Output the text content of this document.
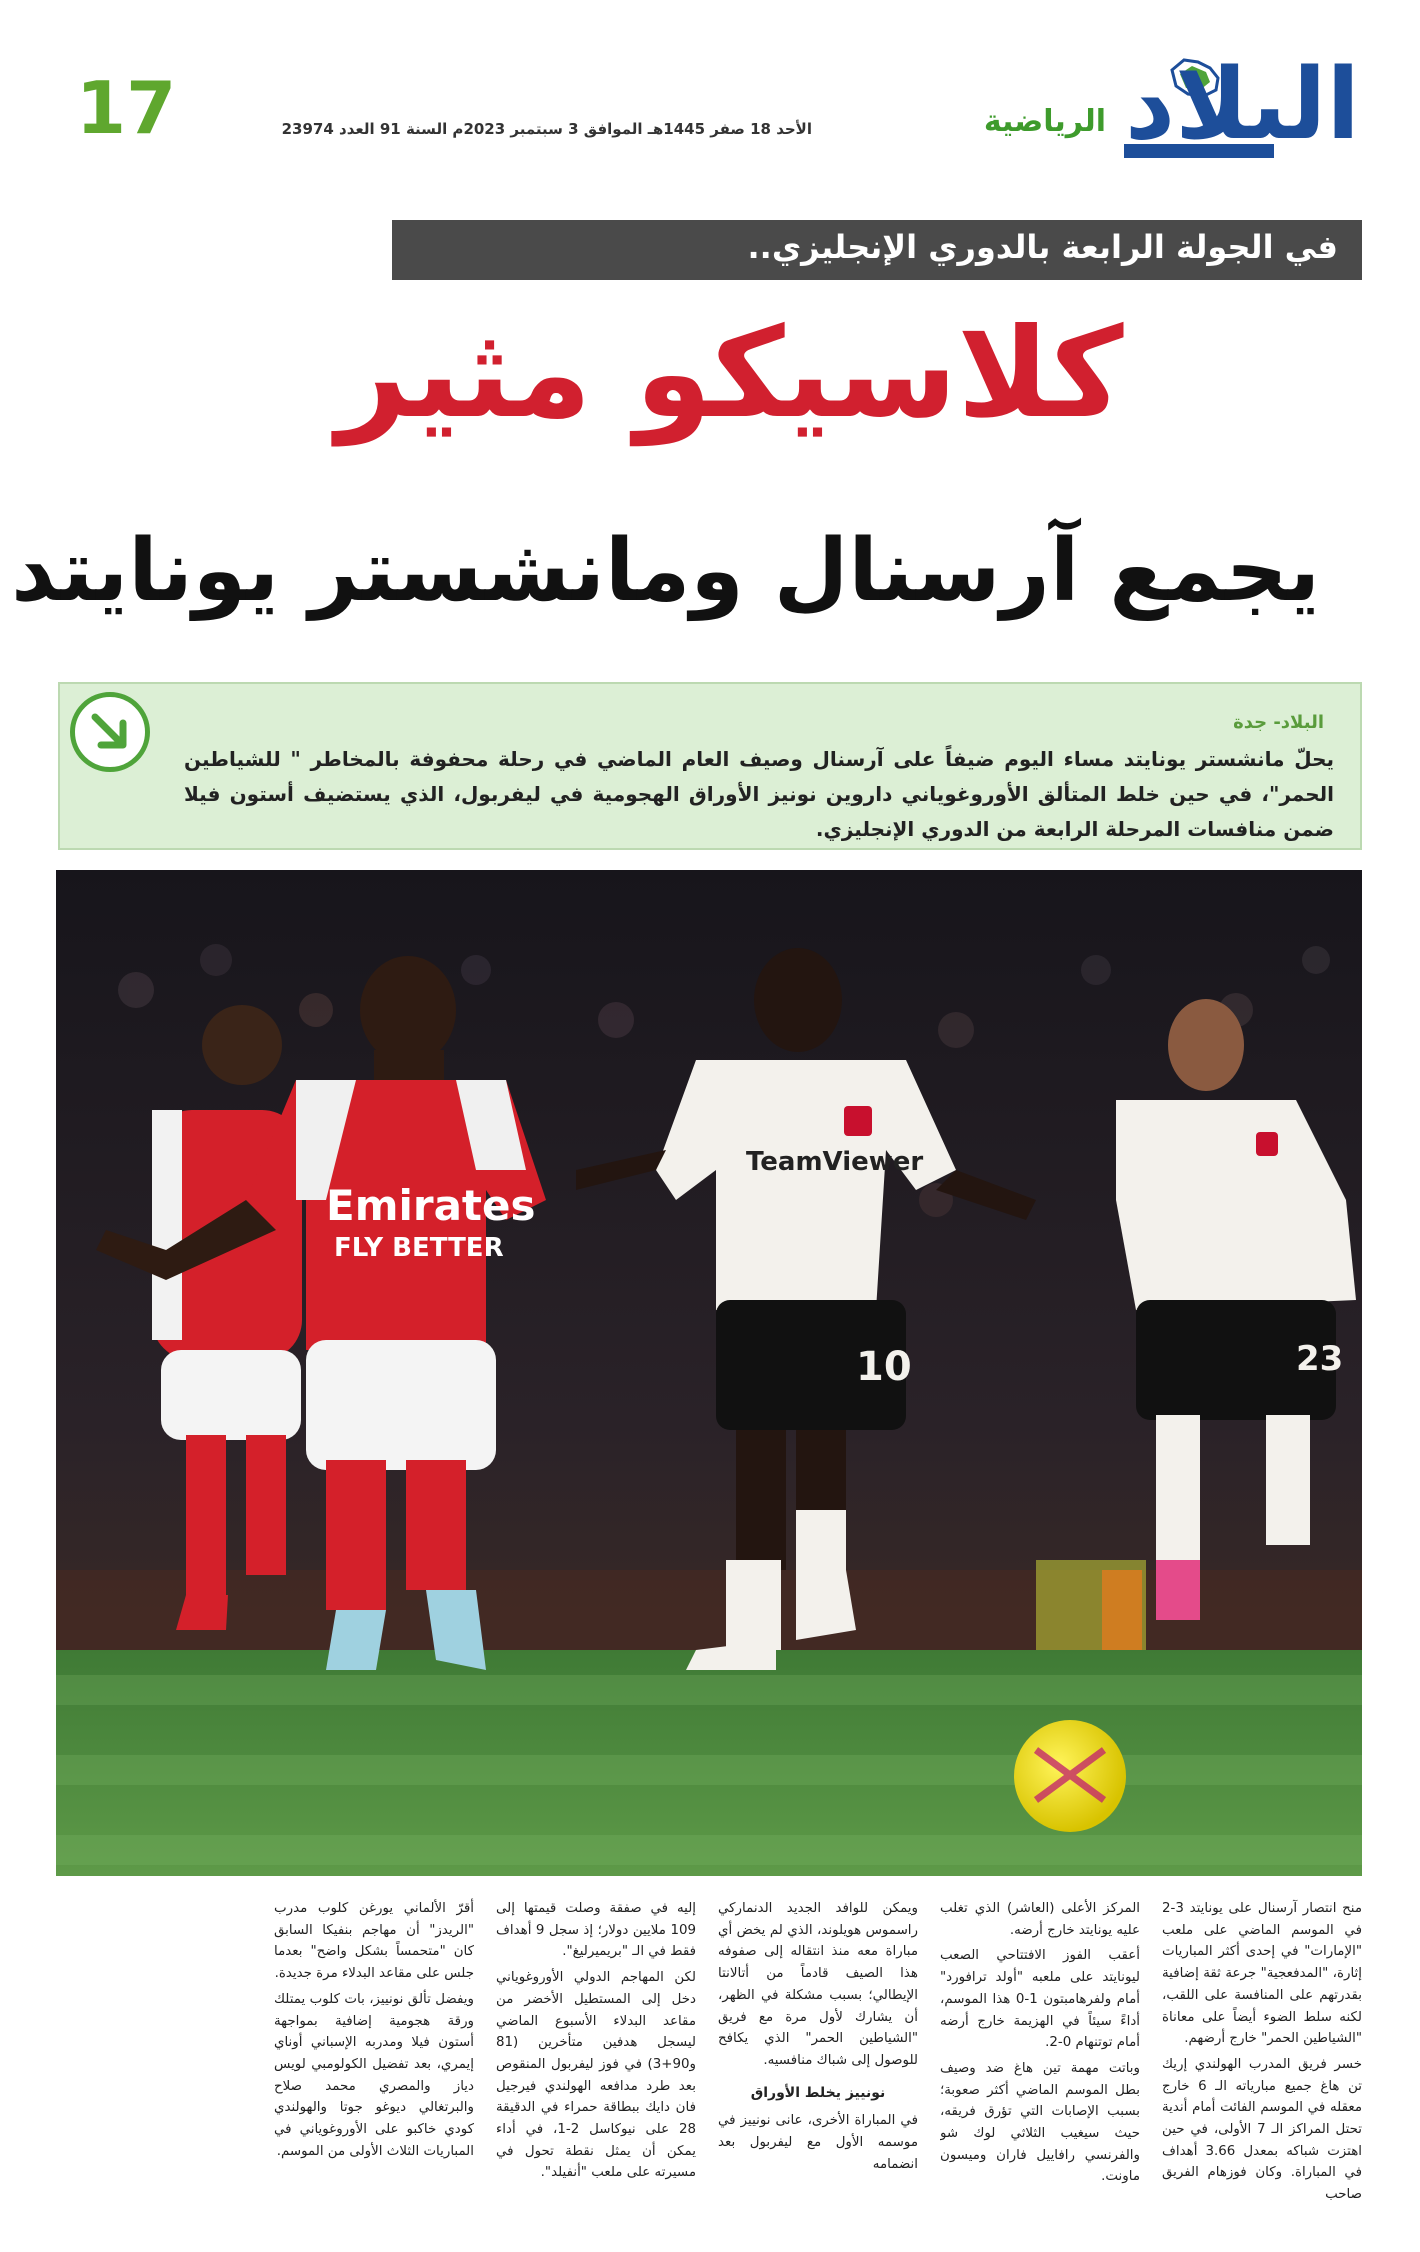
17	الأحد 18 صفر 1445هـ الموافق 3 سبتمبر 2023م السنة 91 العدد 23974	الرياضية البلاد
في الجولة الرابعة بالدوري الإنجليزي..
كلاسيكو مثير
يجمع آرسنال ومانشستر يونايتد
البلاد- جدة
يحلّ مانشستر يونايتد مساء اليوم ضيفاً على آرسنال وصيف العام الماضي في رحلة محفوفة بالمخاطر " للشياطين الحمر"، في حين خلط المتألق الأوروغوياني داروين نونيز الأوراق الهجومية في ليفربول، الذي يستضيف أستون فيلا ضمن منافسات المرحلة الرابعة من الدوري الإنجليزي.
Emirates
FLY BETTER
TeamViewer
10	23

منح انتصار آرسنال على يونايتد 3-2 في الموسم الماضي على ملعب "الإمارات" في إحدى أكثر المباريات إثارة، "المدفعجية" جرعة ثقة إضافية بقدرتهم على المنافسة على اللقب، لكنه سلط الضوء أيضاً على معاناة "الشياطين الحمر" خارج أرضهم.

خسر فريق المدرب الهولندي إريك تن هاغ جميع مبارياته الـ 6 خارج معقله في الموسم الفائت أمام أندية تحتل المراكز الـ 7 الأولى، في حين اهتزت شباكه بمعدل 3.66 أهداف في المباراة. وكان فوزهام الفريق صاحب

المركز الأعلى (العاشر) الذي تغلب عليه يونايتد خارج أرضه.

أعقب الفوز الافتتاحي الصعب ليونايتد على ملعبه "أولد ترافورد" أمام ولفرهامبتون 1-0 هذا الموسم، أداءً سيئاً في الهزيمة خارج أرضه أمام توتنهام 0-2.

وباتت مهمة تين هاغ ضد وصيف بطل الموسم الماضي أكثر صعوبة؛ بسبب الإصابات التي تؤرق فريقه، حيث سيغيب الثلاثي لوك شو والفرنسي رافاييل فاران وميسون ماونت.

ويمكن للوافد الجديد الدنماركي راسموس هويلوند، الذي لم يخض أي مباراة معه منذ انتقاله إلى صفوفه هذا الصيف قادماً من أتالانتا الإيطالي؛ بسبب مشكلة في الظهر، أن يشارك لأول مرة مع فريق "الشياطين الحمر" الذي يكافح للوصول إلى شباك منافسيه.

نونييز يخلط الأوراق

في المباراة الأخرى، عانى نونييز في موسمه الأول مع ليفربول بعد انضمامه

إليه في صفقة وصلت قيمتها إلى 109 ملايين دولار؛ إذ سجل 9 أهداف فقط في الـ "بريميرليغ".

لكن المهاجم الدولي الأوروغوياني دخل إلى المستطيل الأخضر من مقاعد البدلاء الأسبوع الماضي ليسجل هدفين متأخرين (81 و90+3) في فوز ليفربول المنقوص بعد طرد مدافعه الهولندي فيرجيل فان دايك ببطاقة حمراء في الدقيقة 28 على نيوكاسل 2-1، في أداء يمكن أن يمثل نقطة تحول في مسيرته على ملعب "أنفيلد".

أقرّ الألماني يورغن كلوب مدرب "الريدز" أن مهاجم بنفيكا السابق كان "متحمساً بشكل واضح" بعدما جلس على مقاعد البدلاء مرة جديدة.

ويفضل تألق نونييز، بات كلوب يمتلك ورقة هجومية إضافية بمواجهة أستون فيلا ومدربه الإسباني أوناي إيمري، بعد تفضيل الكولومبي لويس دياز والمصري محمد صلاح والبرتغالي ديوغو جوتا والهولندي كودي خاكبو على الأوروغوياني في المباريات الثلاث الأولى من الموسم.
